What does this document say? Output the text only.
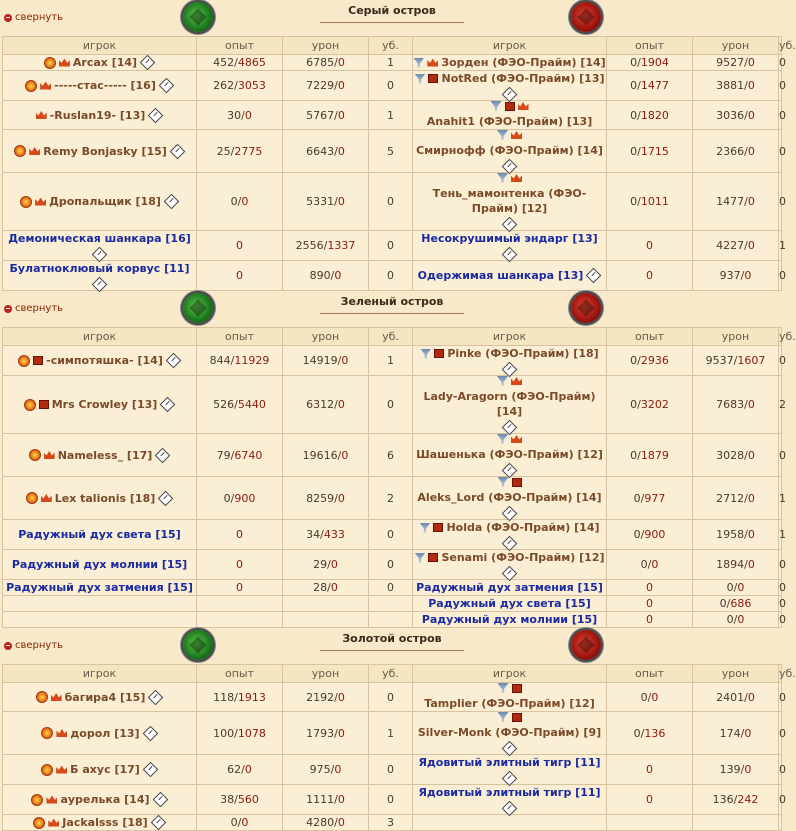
свернуть
Серый остров
игрок	опыт	урон	уб.	игрок	опыт	урон	уб.

Arcax [14]	452/4865	6785/0	1	Зорден (ФЭО-Прайм) [14]	0/1904	9527/0	0

-----стас----- [16]	262/3053	7229/0	0	NotRed (ФЭО-Прайм) [13]	0/1477	3881/0	0

-Ruslan19- [13]	30/0	5767/0	1	Anahit1 (ФЭО-Прайм) [13]	0/1820	3036/0	0

Remy Bonjasky [15]	25/2775	6643/0	5	Смирнофф (ФЭО-Прайм) [14]	0/1715	2366/0	0

Дропальщик [18]	0/0	5331/0	0	Тень_мамонтенка (ФЭО-Прайм) [12]	0/1011	1477/0	0

Демоническая шанкара [16]	0	2556/1337	0	Несокрушимый эндарг [13]	0	4227/0	1

Булатноклювый корвус [11]	0	890/0	0	Одержимая шанкара [13]	0	937/0	0
свернуть
Зеленый остров
игрок	опыт	урон	уб.	игрок	опыт	урон	уб.

-симпотяшка- [14]	844/11929	14919/0	1	Pinke (ФЭО-Прайм) [18]	0/2936	9537/1607	0

Mrs Crowley [13]	526/5440	6312/0	0	Lady-Aragorn (ФЭО-Прайм) [14]	0/3202	7683/0	2

Nameless_ [17]	79/6740	19616/0	6	Шашенька (ФЭО-Прайм) [12]	0/1879	3028/0	0

Lex talionis [18]	0/900	8259/0	2	Aleks_Lord (ФЭО-Прайм) [14]	0/977	2712/0	1

Радужный дух света [15]	0	34/433	0	Holda (ФЭО-Прайм) [14]	0/900	1958/0	1

Радужный дух молнии [15]	0	29/0	0	Senami (ФЭО-Прайм) [12]	0/0	1894/0	0

Радужный дух затмения [15]	0	28/0	0	Радужный дух затмения [15]	0	0/0	0

				Радужный дух света [15]	0	0/686	0

				Радужный дух молнии [15]	0	0/0	0
свернуть
Золотой остров
игрок	опыт	урон	уб.	игрок	опыт	урон	уб.

багира4 [15]	118/1913	2192/0	0	Tamplier (ФЭО-Прайм) [12]	0/0	2401/0	0

дорол [13]	100/1078	1793/0	1	Silver-Monk (ФЭО-Прайм) [9]	0/136	174/0	0

Б ахус [17]	62/0	975/0	0	Ядовитый элитный тигр [11]	0	139/0	0

аурелька [14]	38/560	1111/0	0	Ядовитый элитный тигр [11]	0	136/242	0

Jackalsss [18]	0/0	4280/0	3				
